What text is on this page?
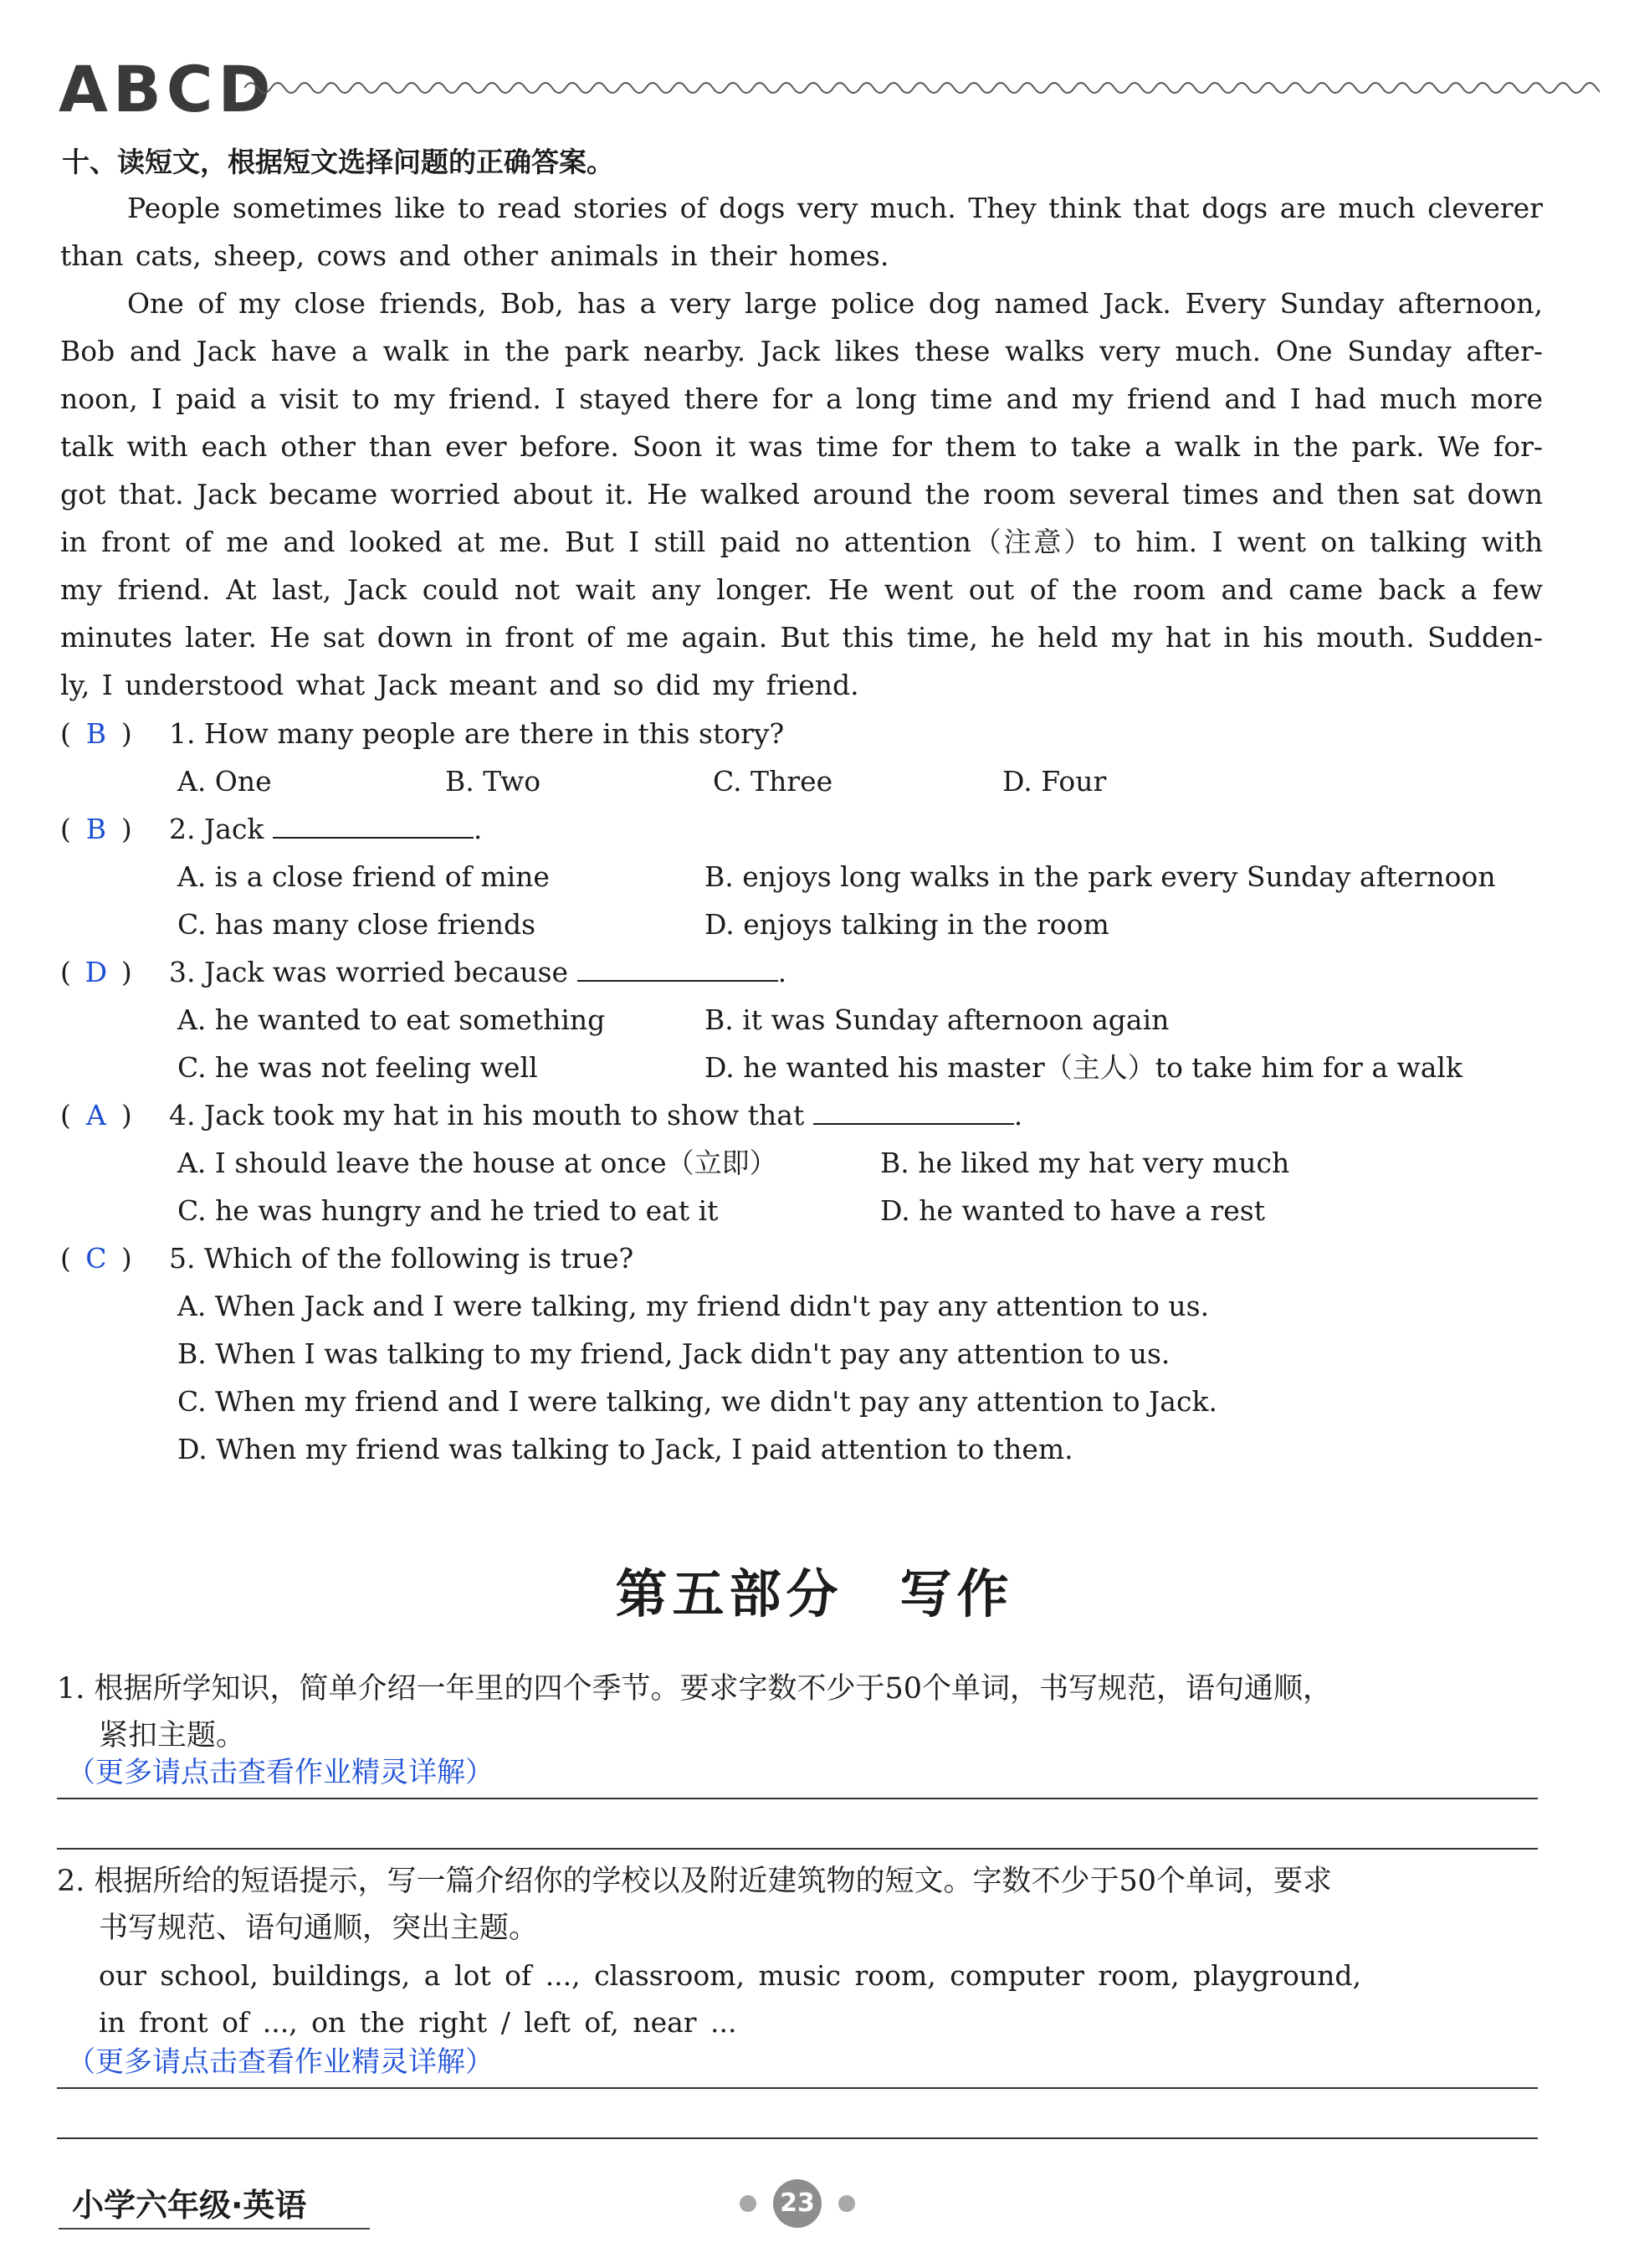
ABCD
十、读短文，根据短文选择问题的正确答案。
People sometimes like to read stories of dogs very much. They think that dogs are much cleverer
than cats, sheep, cows and other animals in their homes.
One of my close friends, Bob, has a very large police dog named Jack. Every Sunday afternoon,
Bob and Jack have a walk in the park nearby. Jack likes these walks very much. One Sunday after-
noon, I paid a visit to my friend. I stayed there for a long time and my friend and I had much more
talk with each other than ever before. Soon it was time for them to take a walk in the park. We for-
got that. Jack became worried about it. He walked around the room several times and then sat down
in front of me and looked at me. But I still paid no attention（注意）to him. I went on talking with
my friend. At last, Jack could not wait any longer. He went out of the room and came back a few
minutes later. He sat down in front of me again. But this time, he held my hat in his mouth. Sudden-
ly, I understood what Jack meant and so did my friend.
( B ) 1. How many people are there in this story?
A. One	B. Two	C. Three	D. Four
( B ) 2. Jack	.
A. is a close friend of mine	B. enjoys long walks in the park every Sunday afternoon
C. has many close friends	D. enjoys talking in the room
( D ) 3. Jack was worried because	.
A. he wanted to eat something	B. it was Sunday afternoon again
C. he was not feeling well	D. he wanted his master（主人）to take him for a walk
( A ) 4. Jack took my hat in his mouth to show that	.
A. I should leave the house at once（立即）	B. he liked my hat very much
C. he was hungry and he tried to eat it	D. he wanted to have a rest
( C ) 5. Which of the following is true?
A. When Jack and I were talking, my friend didn't pay any attention to us.
B. When I was talking to my friend, Jack didn't pay any attention to us.
C. When my friend and I were talking, we didn't pay any attention to Jack.
D. When my friend was talking to Jack, I paid attention to them.
第五部分　写作
1. 根据所学知识，简单介绍一年里的四个季节。要求字数不少于50个单词，书写规范，语句通顺，
紧扣主题。
（更多请点击查看作业精灵详解）
2. 根据所给的短语提示，写一篇介绍你的学校以及附近建筑物的短文。字数不少于50个单词，要求
书写规范、语句通顺，突出主题。
our school, buildings, a lot of ..., classroom, music room, computer room, playground,
in front of ..., on the right / left of, near ...
（更多请点击查看作业精灵详解）
小学六年级·英语	23
